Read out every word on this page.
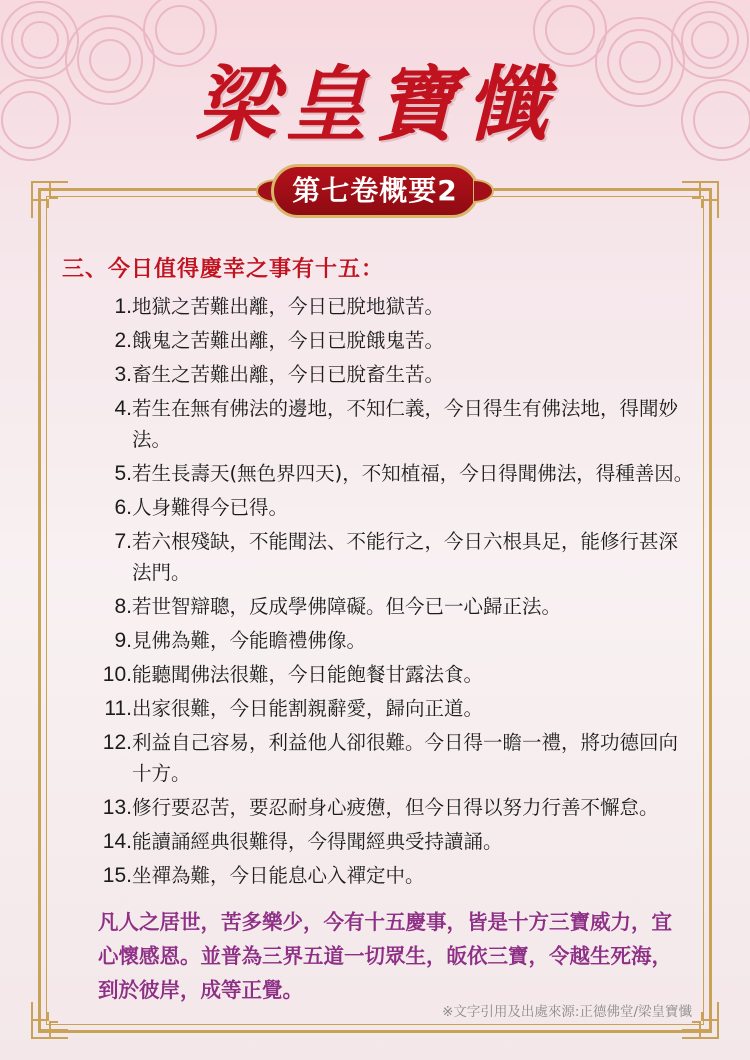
梁皇寶懺
第七卷概要2
三、今日值得慶幸之事有十五：
1. 地獄之苦難出離，今日已脫地獄苦。
2. 餓鬼之苦難出離，今日已脫餓鬼苦。
3. 畜生之苦難出離，今日已脫畜生苦。
4. 若生在無有佛法的邊地，不知仁義，今日得生有佛法地，得聞妙法。
5. 若生長壽天(無色界四天)，不知植福，今日得聞佛法，得種善因。
6. 人身難得今已得。
7. 若六根殘缺，不能聞法、不能行之，今日六根具足，能修行甚深法門。
8. 若世智辯聰，反成學佛障礙。但今已一心歸正法。
9. 見佛為難，今能瞻禮佛像。
10. 能聽聞佛法很難，今日能飽餐甘露法食。
11. 出家很難，今日能割親辭愛，歸向正道。
12. 利益自己容易，利益他人卻很難。今日得一瞻一禮，將功德回向十方。
13. 修行要忍苦，要忍耐身心疲憊，但今日得以努力行善不懈怠。
14. 能讀誦經典很難得，今得聞經典受持讀誦。
15. 坐禪為難，今日能息心入禪定中。
凡人之居世，苦多樂少，今有十五慶事，皆是十方三寶威力，宜心懷感恩。並普為三界五道一切眾生，皈依三寶，令越生死海，到於彼岸，成等正覺。
※文字引用及出處來源:正德佛堂/梁皇寶懺
